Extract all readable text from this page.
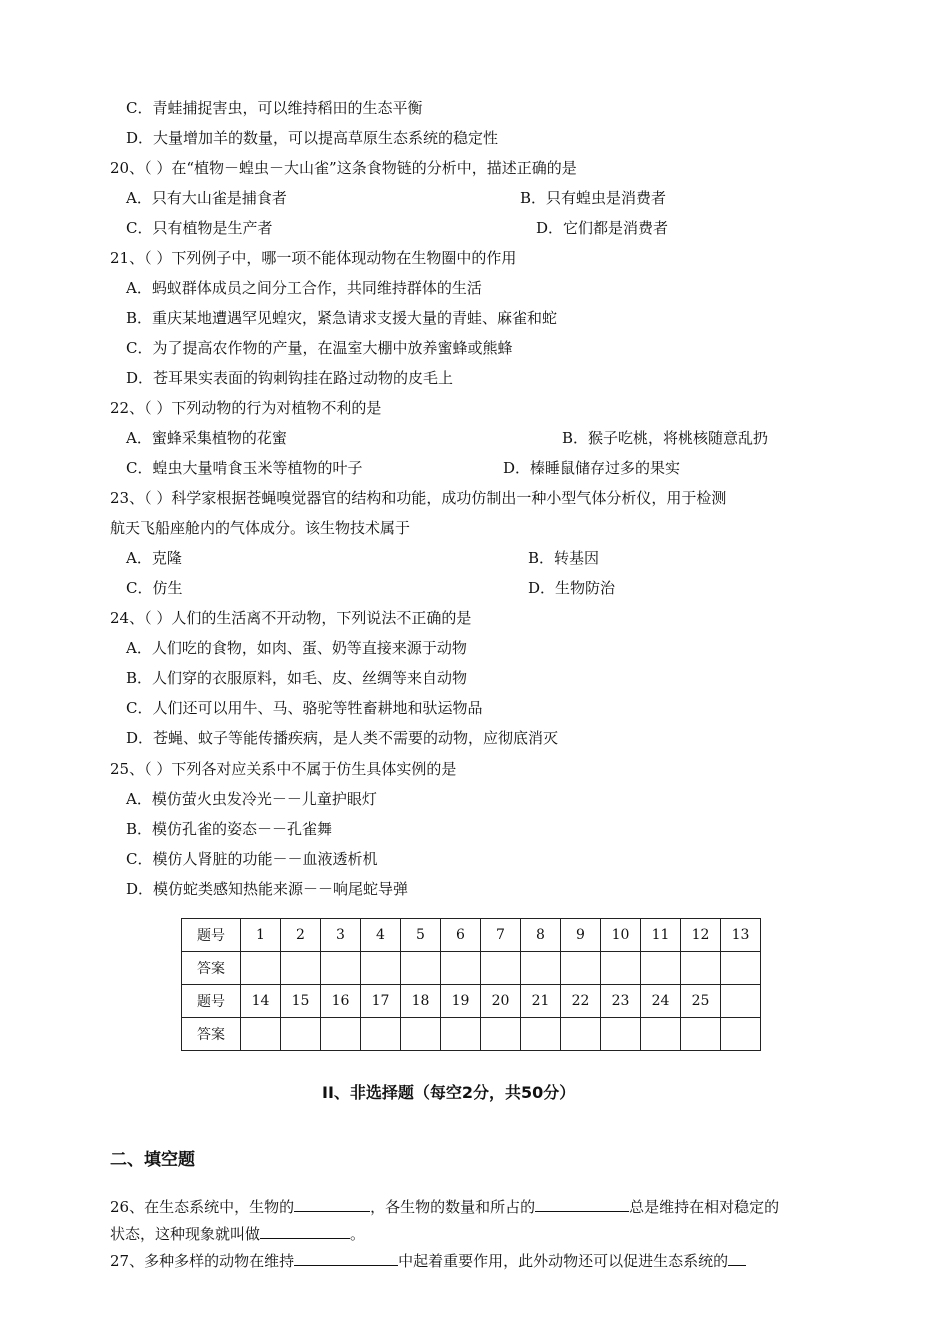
C．青蛙捕捉害虫，可以维持稻田的生态平衡
D．大量增加羊的数量，可以提高草原生态系统的稳定性
20、（ ）在“植物－蝗虫－大山雀”这条食物链的分析中，描述正确的是
A．只有大山雀是捕食者	B．只有蝗虫是消费者
C．只有植物是生产者	D．它们都是消费者
21、（ ）下列例子中，哪一项不能体现动物在生物圈中的作用
A．蚂蚁群体成员之间分工合作，共同维持群体的生活
B．重庆某地遭遇罕见蝗灾，紧急请求支援大量的青蛙、麻雀和蛇
C．为了提高农作物的产量，在温室大棚中放养蜜蜂或熊蜂
D．苍耳果实表面的钩刺钩挂在路过动物的皮毛上
22、（ ）下列动物的行为对植物不利的是
A．蜜蜂采集植物的花蜜	B．猴子吃桃，将桃核随意乱扔
C．蝗虫大量啃食玉米等植物的叶子	D．榛睡鼠储存过多的果实
23、（ ）科学家根据苍蝇嗅觉器官的结构和功能，成功仿制出一种小型气体分析仪，用于检测
航天飞船座舱内的气体成分。该生物技术属于
A．克隆	B．转基因
C．仿生	D．生物防治
24、（ ）人们的生活离不开动物，下列说法不正确的是
A．人们吃的食物，如肉、蛋、奶等直接来源于动物
B．人们穿的衣服原料，如毛、皮、丝绸等来自动物
C．人们还可以用牛、马、骆驼等牲畜耕地和驮运物品
D．苍蝇、蚊子等能传播疾病，是人类不需要的动物，应彻底消灭
25、（ ）下列各对应关系中不属于仿生具体实例的是
A．模仿萤火虫发冷光－－儿童护眼灯
B．模仿孔雀的姿态－－孔雀舞
C．模仿人肾脏的功能－－血液透析机
D．模仿蛇类感知热能来源－－响尾蛇导弹
题号	1	2	3	4	5	6	7	8	9	10	11	12	13
答案													
题号	14	15	16	17	18	19	20	21	22	23	24	25	
答案													
II、非选择题（每空2分，共50分）
二、填空题
26、在生态系统中，生物的	，各生物的数量和所占的	总是维持在相对稳定的
状态，这种现象就叫做	。
27、多种多样的动物在维持	中起着重要作用，此外动物还可以促进生态系统的
